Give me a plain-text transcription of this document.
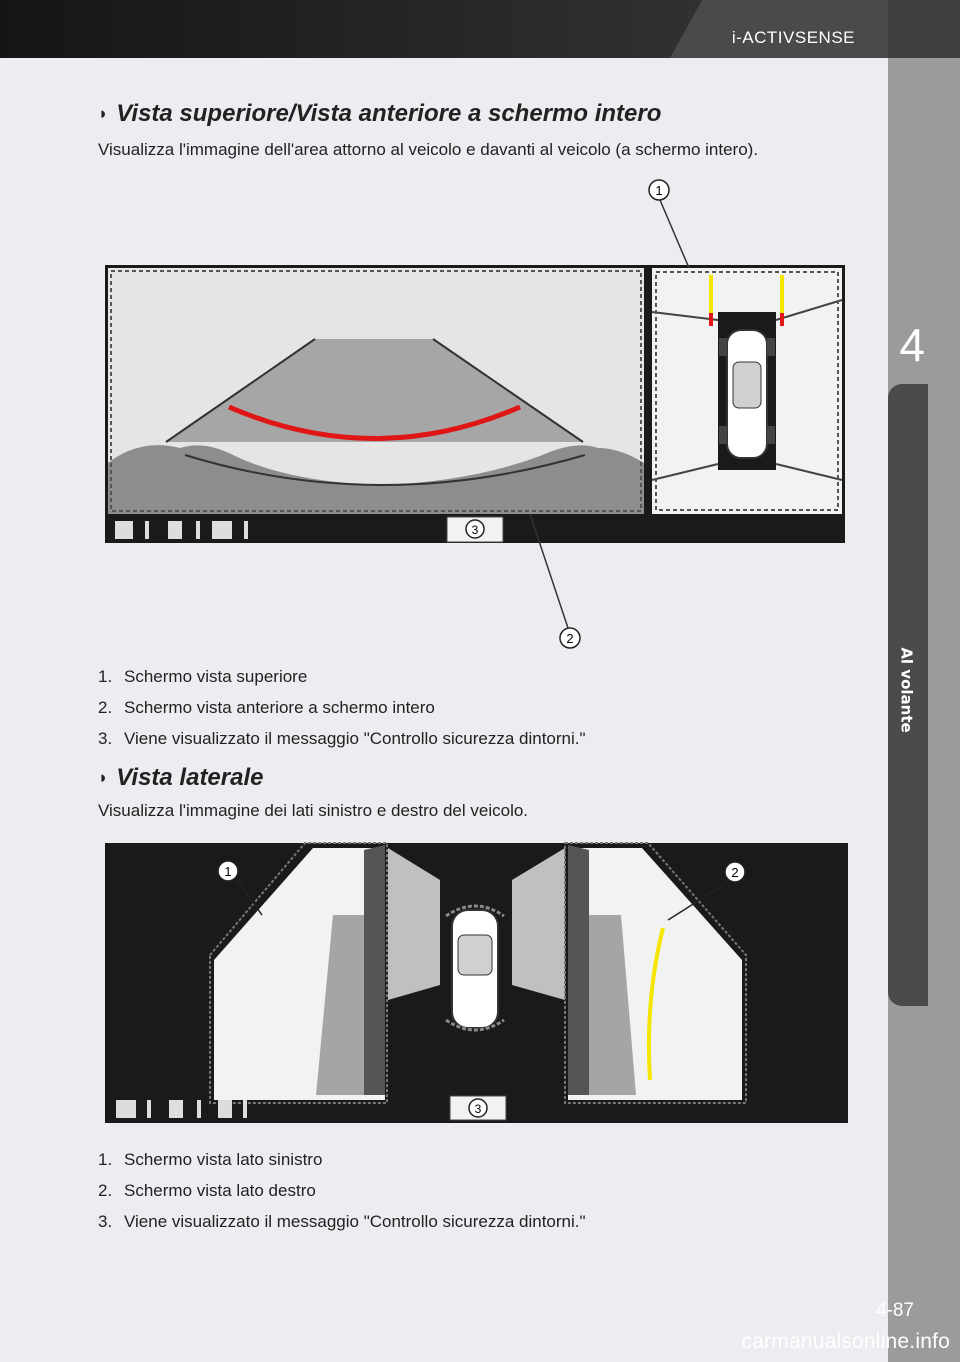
i-ACTIVSENSE
4
Al volante
4-87
carmanualsonline.info
◗ Vista superiore/Vista anteriore a schermo intero
Visualizza l'immagine dell'area attorno al veicolo e davanti al veicolo (a schermo intero).
1
2
3
1. Schermo vista superiore
2. Schermo vista anteriore a schermo intero
3. Viene visualizzato il messaggio "Controllo sicurezza dintorni."
◗ Vista laterale
Visualizza l'immagine dei lati sinistro e destro del veicolo.
1	2
3
1. Schermo vista lato sinistro
2. Schermo vista lato destro
3. Viene visualizzato il messaggio "Controllo sicurezza dintorni."
